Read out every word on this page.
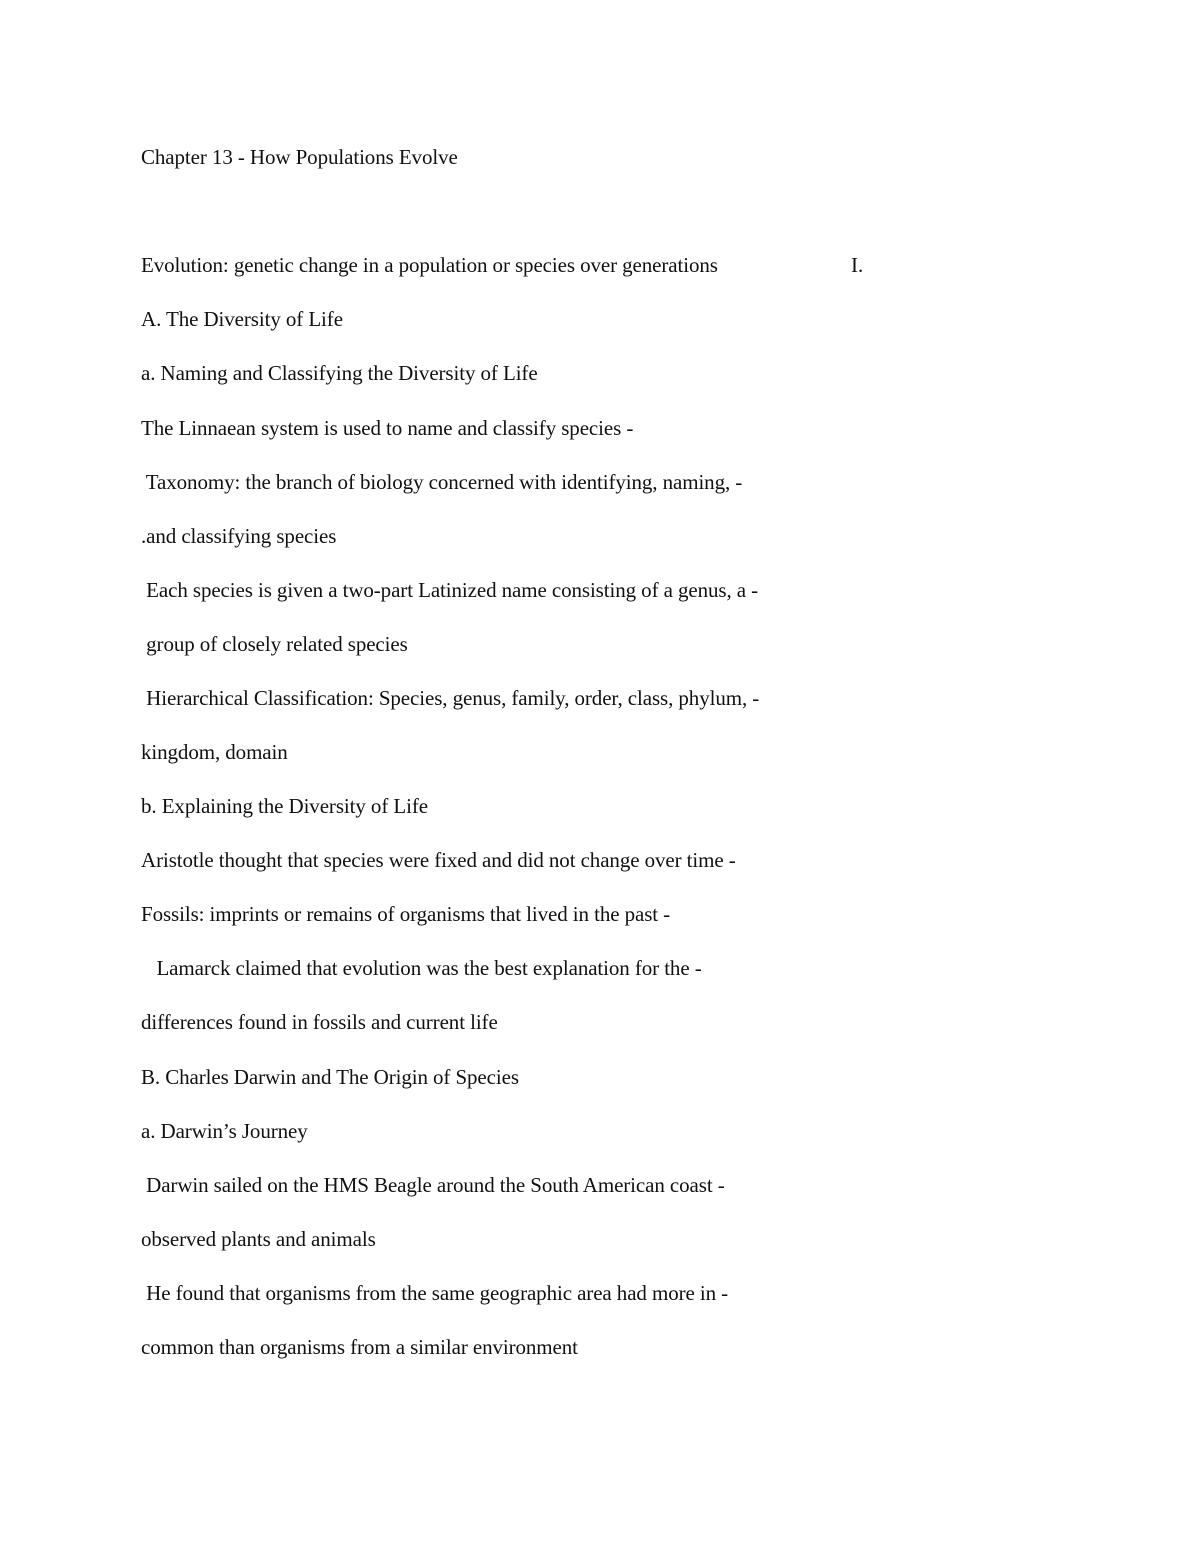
Chapter 13 - How Populations Evolve
Evolution: genetic change in a population or species over generations	I.
A. The Diversity of Life
a. Naming and Classifying the Diversity of Life
The Linnaean system is used to name and classify species -
Taxonomy: the branch of biology concerned with identifying, naming, -
.and classifying species
Each species is given a two-part Latinized name consisting of a genus, a -
group of closely related species
Hierarchical Classification: Species, genus, family, order, class, phylum, -
kingdom, domain
b. Explaining the Diversity of Life
Aristotle thought that species were fixed and did not change over time -
Fossils: imprints or remains of organisms that lived in the past -
Lamarck claimed that evolution was the best explanation for the -
differences found in fossils and current life
B. Charles Darwin and The Origin of Species
a. Darwin’s Journey
Darwin sailed on the HMS Beagle around the South American coast -
observed plants and animals
He found that organisms from the same geographic area had more in -
common than organisms from a similar environment
